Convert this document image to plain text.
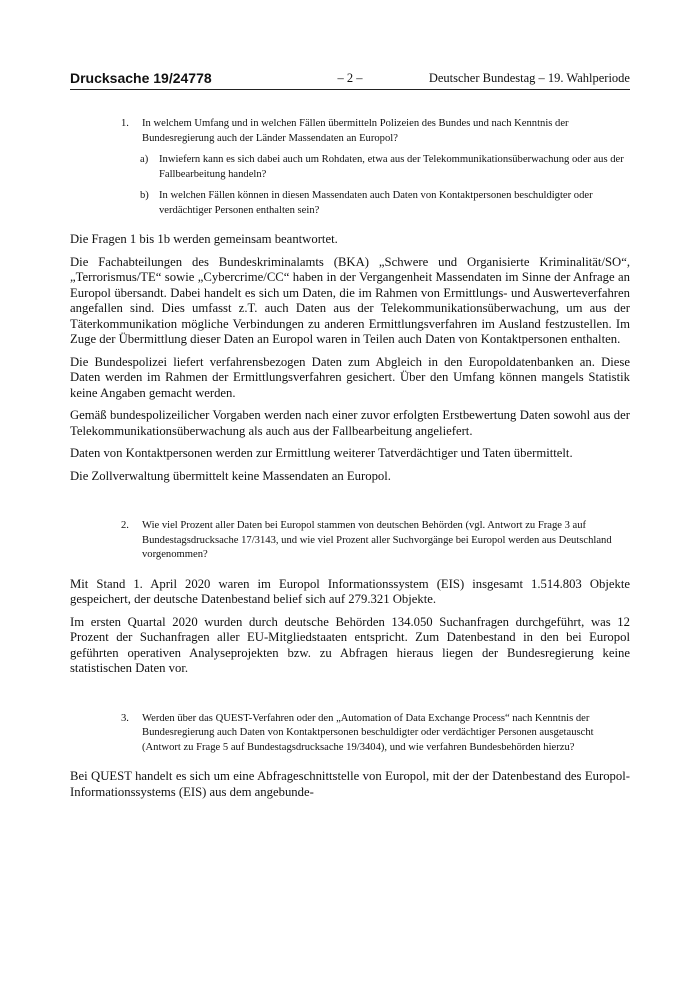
Drucksache 19/24778	– 2 –	Deutscher Bundestag – 19. Wahlperiode
1. In welchem Umfang und in welchen Fällen übermitteln Polizeien des Bundes und nach Kenntnis der Bundesregierung auch der Länder Massendaten an Europol?
a) Inwiefern kann es sich dabei auch um Rohdaten, etwa aus der Telekommunikationsüberwachung oder aus der Fallbearbeitung handeln?
b) In welchen Fällen können in diesen Massendaten auch Daten von Kontaktpersonen beschuldigter oder verdächtiger Personen enthalten sein?

Die Fragen 1 bis 1b werden gemeinsam beantwortet.

Die Fachabteilungen des Bundeskriminalamts (BKA) „Schwere und Organisierte Kriminalität/SO“, „Terrorismus/TE“ sowie „Cybercrime/CC“ haben in der Vergangenheit Massendaten im Sinne der Anfrage an Europol übersandt. Dabei handelt es sich um Daten, die im Rahmen von Ermittlungs- und Auswerteverfahren angefallen sind. Dies umfasst z.T. auch Daten aus der Telekommunikationsüberwachung, um aus der Täterkommunikation mögliche Verbindungen zu anderen Ermittlungsverfahren im Ausland festzustellen. Im Zuge der Übermittlung dieser Daten an Europol waren in Teilen auch Daten von Kontaktpersonen enthalten.

Die Bundespolizei liefert verfahrensbezogen Daten zum Abgleich in den Europoldatenbanken an. Diese Daten werden im Rahmen der Ermittlungsverfahren gesichert. Über den Umfang können mangels Statistik keine Angaben gemacht werden.

Gemäß bundespolizeilicher Vorgaben werden nach einer zuvor erfolgten Erstbewertung Daten sowohl aus der Telekommunikationsüberwachung als auch aus der Fallbearbeitung angeliefert.

Daten von Kontaktpersonen werden zur Ermittlung weiterer Tatverdächtiger und Taten übermittelt.

Die Zollverwaltung übermittelt keine Massendaten an Europol.

2. Wie viel Prozent aller Daten bei Europol stammen von deutschen Behörden (vgl. Antwort zu Frage 3 auf Bundestagsdrucksache 17/3143, und wie viel Prozent aller Suchvorgänge bei Europol werden aus Deutschland vorgenommen?

Mit Stand 1. April 2020 waren im Europol Informationssystem (EIS) insgesamt 1.514.803 Objekte gespeichert, der deutsche Datenbestand belief sich auf 279.321 Objekte.

Im ersten Quartal 2020 wurden durch deutsche Behörden 134.050 Suchanfragen durchgeführt, was 12 Prozent der Suchanfragen aller EU-Mitgliedstaaten entspricht. Zum Datenbestand in den bei Europol geführten operativen Analyseprojekten bzw. zu Abfragen hieraus liegen der Bundesregierung keine statistischen Daten vor.

3. Werden über das QUEST-Verfahren oder den „Automation of Data Exchange Process“ nach Kenntnis der Bundesregierung auch Daten von Kontaktpersonen beschuldigter oder verdächtiger Personen ausgetauscht (Antwort zu Frage 5 auf Bundestagsdrucksache 19/3404), und wie verfahren Bundesbehörden hierzu?

Bei QUEST handelt es sich um eine Abfrageschnittstelle von Europol, mit der der Datenbestand des Europol-Informationssystems (EIS) aus dem angebunde-
